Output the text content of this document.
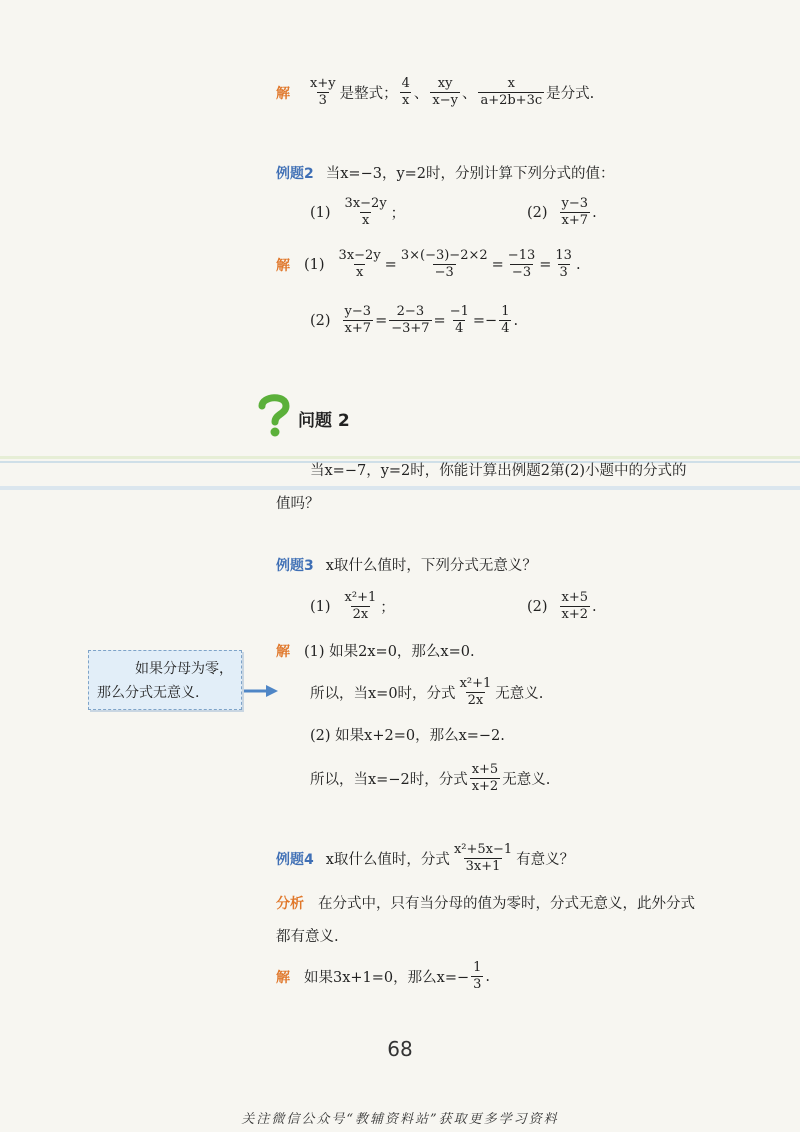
解 $\frac{x+y}{3}$ 是整式； $\frac{4}{x}$ 、 $\frac{xy}{x-y}$ 、 $\frac{x}{a+2b+3c}$ 是分式.
例题2 当x=−3，y=2时，分别计算下列分式的值：
$(1) \frac{3x-2y}{x}$ ；	$(2) \frac{y-3}{x+7}$ .
解 $(1) \frac{3x-2y}{x} = \frac{3\times(-3)-2\times 2}{-3} = \frac{-13}{-3} = \frac{13}{3}$ .
$(2) \frac{y-3}{x+7} = \frac{2-3}{-3+7} = \frac{-1}{4} =- \frac{1}{4}$ .
问题 2
当x=−7，y=2时，你能计算出例题2第(2)小题中的分式的
值吗？
例题3 x取什么值时，下列分式无意义？
$(1) \frac{\text{x²+1}}{2x}$ ；	$(2) \frac{x+5}{x+2}$ .
解 (1) 如果2x=0，那么x=0.
所以，当x=0时，分式 $\frac{\text{x²+1}}{2x}$ 无意义.
(2) 如果x+2=0，那么x=−2.
所以，当x=−2时，分式 $\frac{x+5}{x+2}$ 无意义.
如果分母为零，
那么分式无意义.
例题4 x取什么值时，分式 $\frac{\text{x²+5x−1}}{3x+1}$ 有意义？
分析 在分式中，只有当分母的值为零时，分式无意义，此外分式
都有意义.
解 如果3x+1=0，那么$x=- \frac{1}{3}$ .
68
关注微信公众号“教辅资料站”获取更多学习资料
